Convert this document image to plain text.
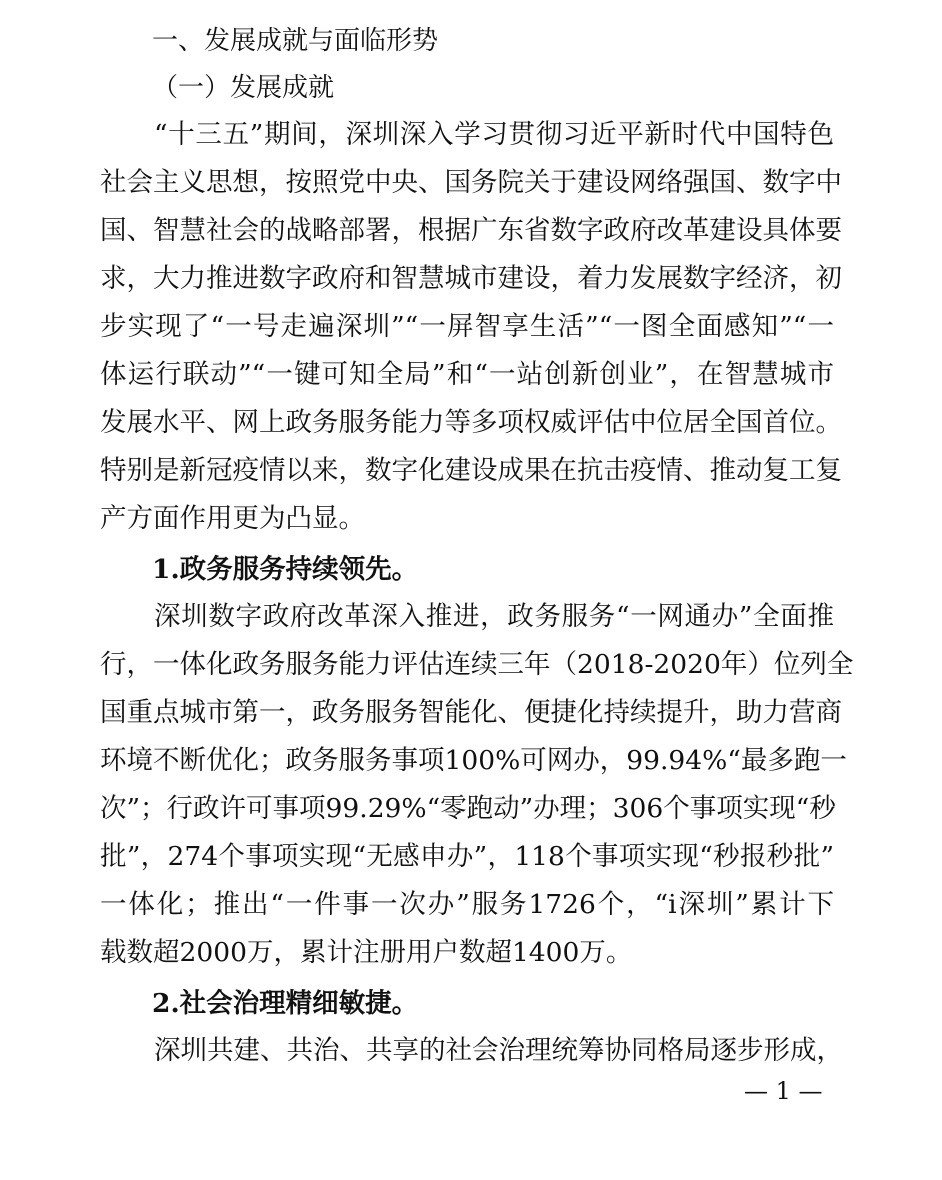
一、发展成就与面临形势
（一）发展成就
“十三五”期间，深圳深入学习贯彻习近平新时代中国特色
社会主义思想，按照党中央、国务院关于建设网络强国、数字中
国、智慧社会的战略部署，根据广东省数字政府改革建设具体要
求，大力推进数字政府和智慧城市建设，着力发展数字经济，初
步实现了“一号走遍深圳”“一屏智享生活”“一图全面感知”“一
体运行联动”“一键可知全局”和“一站创新创业”，在智慧城市
发展水平、网上政务服务能力等多项权威评估中位居全国首位。
特别是新冠疫情以来，数字化建设成果在抗击疫情、推动复工复
产方面作用更为凸显。
1.政务服务持续领先。
深圳数字政府改革深入推进，政务服务“一网通办”全面推
行，一体化政务服务能力评估连续三年（2018-2020年）位列全
国重点城市第一，政务服务智能化、便捷化持续提升，助力营商
环境不断优化；政务服务事项100%可网办，99.94%“最多跑一
次”；行政许可事项99.29%“零跑动”办理；306个事项实现“秒
批”，274个事项实现“无感申办”，118个事项实现“秒报秒批”
一体化；推出“一件事一次办”服务1726个，“i深圳”累计下
载数超2000万，累计注册用户数超1400万。
2.社会治理精细敏捷。
深圳共建、共治、共享的社会治理统筹协同格局逐步形成，
— 1 —
